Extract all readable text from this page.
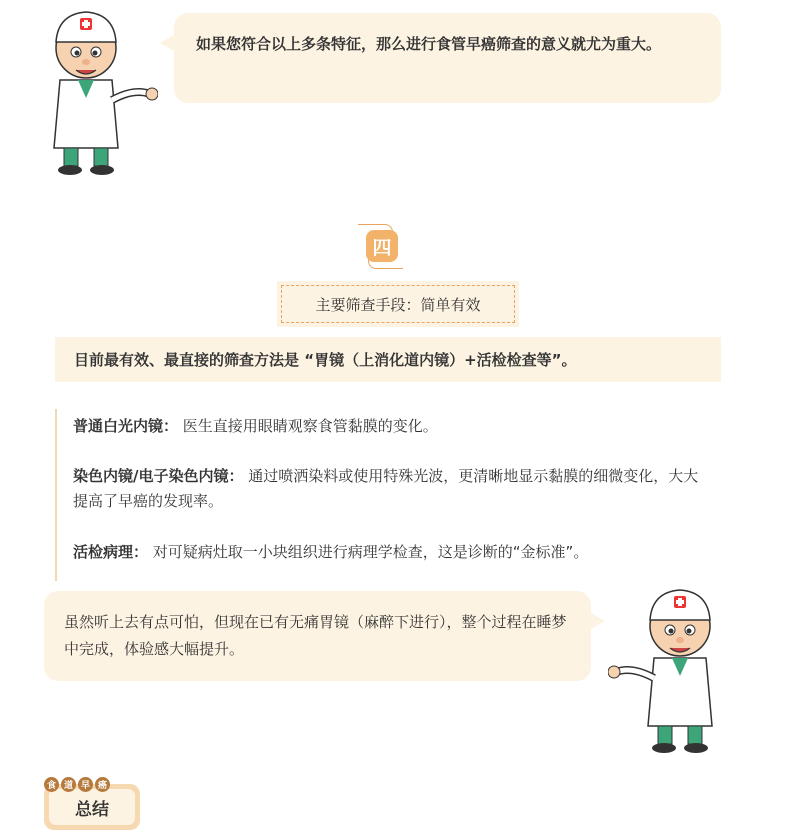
如果您符合以上多条特征，那么进行食管早癌筛查的意义就尤为重大。
四
主要筛查手段：简单有效
目前最有效、最直接的筛查方法是 “胃镜（上消化道内镜）+活检检查等”。
普通白光内镜： 医生直接用眼睛观察食管黏膜的变化。
染色内镜/电子染色内镜： 通过喷洒染料或使用特殊光波，更清晰地显示黏膜的细微变化，大大提高了早癌的发现率。
活检病理： 对可疑病灶取一小块组织进行病理学检查，这是诊断的“金标准”。
虽然听上去有点可怕，但现在已有无痛胃镜（麻醉下进行），整个过程在睡梦中完成，体验感大幅提升。
总结
食 道 早 癌
